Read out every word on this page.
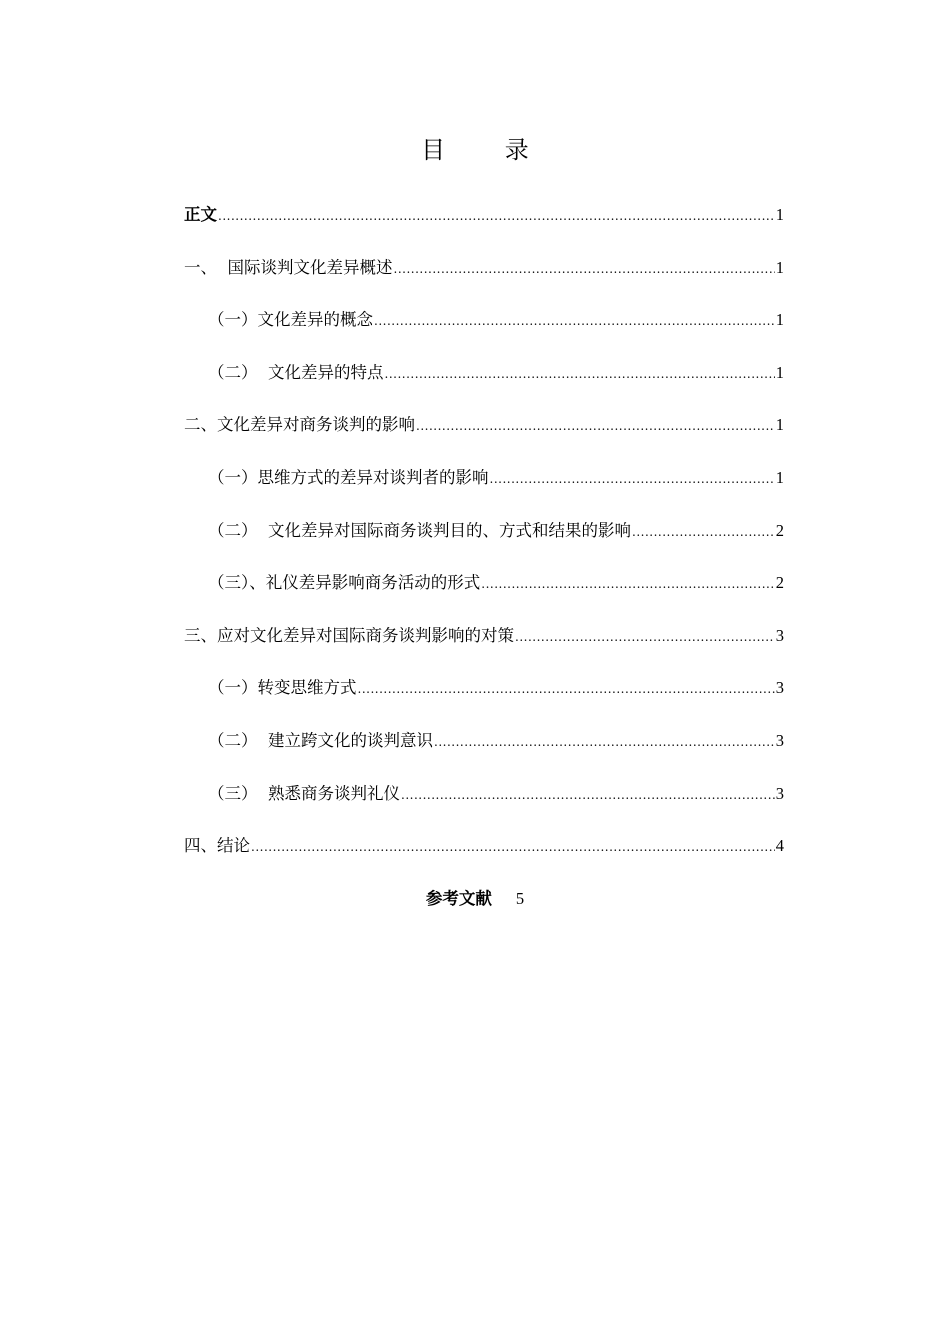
目 录
正文 .....	1
一、  国际谈判文化差异概述 .....	1
（一）文化差异的概念 .....	1
（二）  文化差异的特点 .....	1
二、文化差异对商务谈判的影响 .....	1
（一）思维方式的差异对谈判者的影响 .....	1
（二）  文化差异对国际商务谈判目的、方式和结果的影响 .....	2
（三）、礼仪差异影响商务活动的形式 .....	2
三、应对文化差异对国际商务谈判影响的对策 .....	3
（一）转变思维方式 .....	3
（二）  建立跨文化的谈判意识 .....	3
（三）  熟悉商务谈判礼仪 .....	3
四、结论 .....	4
参考文献 5
